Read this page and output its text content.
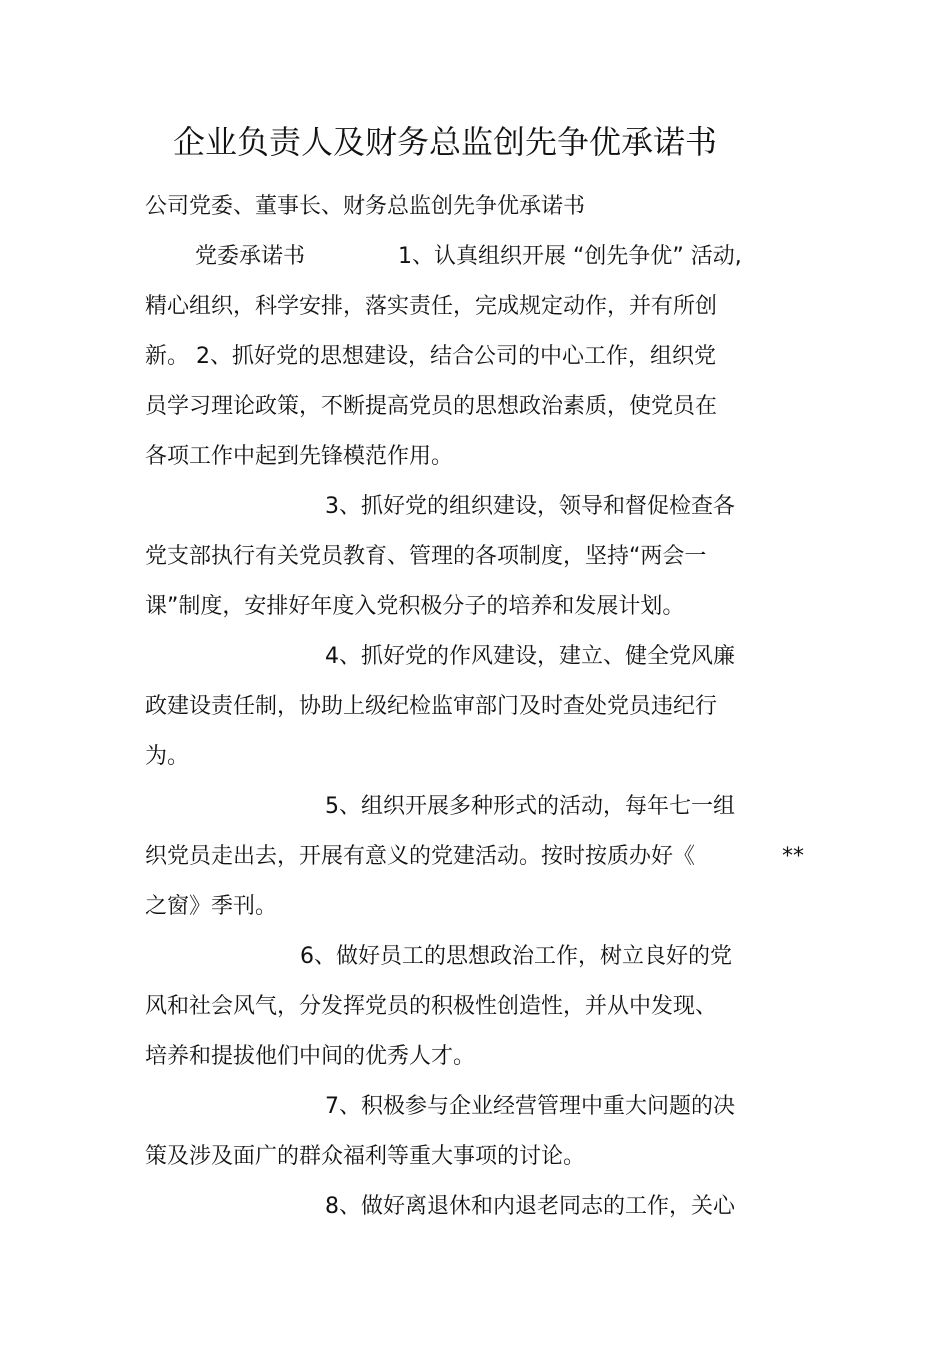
企业负责人及财务总监创先争优承诺书
公司党委、董事长、财务总监创先争优承诺书
党委承诺书	1、认真组织开展 “创先争优” 活动,
精心组织，科学安排，落实责任，完成规定动作，并有所创
新。 2、抓好党的思想建设，结合公司的中心工作，组织党
员学习理论政策，不断提高党员的思想政治素质，使党员在
各项工作中起到先锋模范作用。
3、抓好党的组织建设，领导和督促检查各
党支部执行有关党员教育、管理的各项制度，坚持“两会一
课”制度，安排好年度入党积极分子的培养和发展计划。
4、抓好党的作风建设，建立、健全党风廉
政建设责任制，协助上级纪检监审部门及时查处党员违纪行
为。
5、组织开展多种形式的活动，每年七一组
织党员走出去，开展有意义的党建活动。按时按质办好《	**
之窗》季刊。
6、做好员工的思想政治工作，树立良好的党
风和社会风气，分发挥党员的积极性创造性，并从中发现、
培养和提拔他们中间的优秀人才。
7、积极参与企业经营管理中重大问题的决
策及涉及面广的群众福利等重大事项的讨论。
8、做好离退休和内退老同志的工作，关心
